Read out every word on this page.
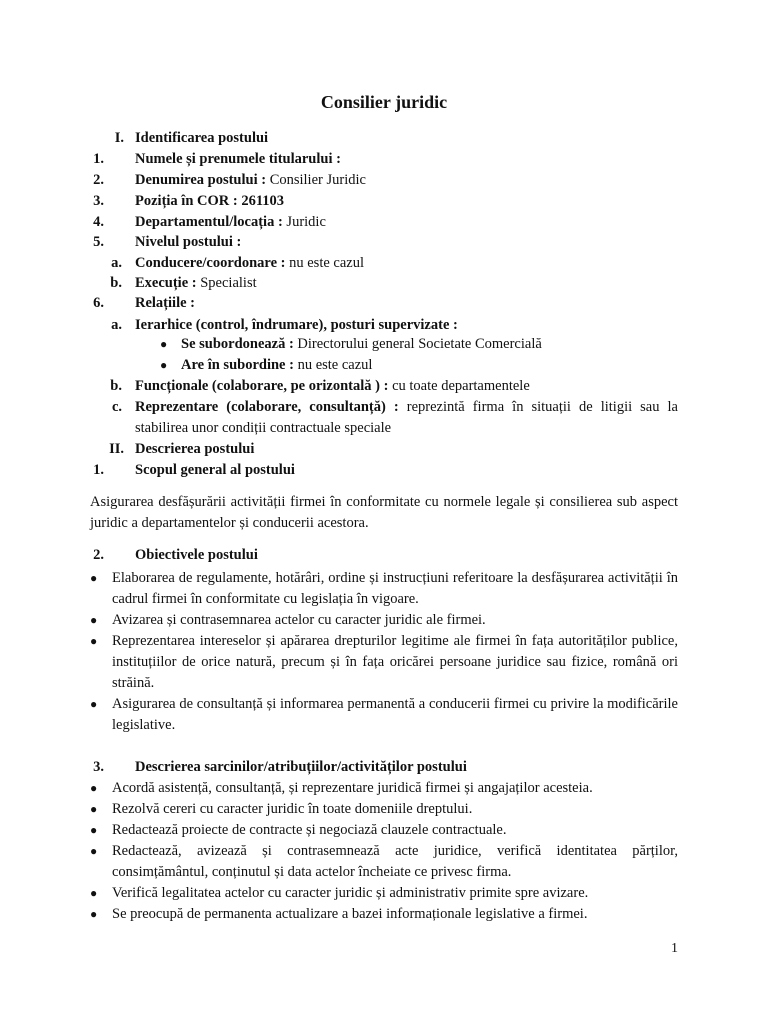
Consilier juridic
I. Identificarea postului
1. Numele și prenumele titularului :
2. Denumirea postului : Consilier Juridic
3. Poziția în COR : 261103
4. Departamentul/locația : Juridic
5. Nivelul postului :
a. Conducere/coordonare : nu este cazul
b. Execuție : Specialist
6. Relațiile :
a. Ierarhice (control, îndrumare), posturi supervizate :
● Se subordonează : Directorului general Societate Comercială
● Are în subordine : nu este cazul
b. Funcționale (colaborare, pe orizontală ) : cu toate departamentele
c. Reprezentare (colaborare, consultanță) : reprezintă firma în situații de litigii sau la stabilirea unor condiții contractuale speciale
II. Descrierea postului
1. Scopul general al postului
Asigurarea desfășurării activității firmei în conformitate cu normele legale și consilierea sub aspect juridic a departamentelor și conducerii acestora.
2. Obiectivele postului
● Elaborarea de regulamente, hotărâri, ordine și instrucțiuni referitoare la desfășurarea activității în cadrul firmei în conformitate cu legislația în vigoare.
● Avizarea și contrasemnarea actelor cu caracter juridic ale firmei.
● Reprezentarea intereselor și apărarea drepturilor legitime ale firmei în fața autorităților publice, instituțiilor de orice natură, precum și în fața oricărei persoane juridice sau fizice, română ori străină.
● Asigurarea de consultanță și informarea permanentă a conducerii firmei cu privire la modificările legislative.
3. Descrierea sarcinilor/atribuțiilor/activităților postului
● Acordă asistență, consultanță, și reprezentare juridică firmei și angajaților acesteia.
● Rezolvă cereri cu caracter juridic în toate domeniile dreptului.
● Redactează proiecte de contracte și negociază clauzele contractuale.
● Redactează, avizează și contrasemnează acte juridice, verifică identitatea părților, consimțământul, conținutul și data actelor încheiate ce privesc firma.
● Verifică legalitatea actelor cu caracter juridic și administrativ primite spre avizare.
● Se preocupă de permanenta actualizare a bazei informaționale legislative a firmei.
1
